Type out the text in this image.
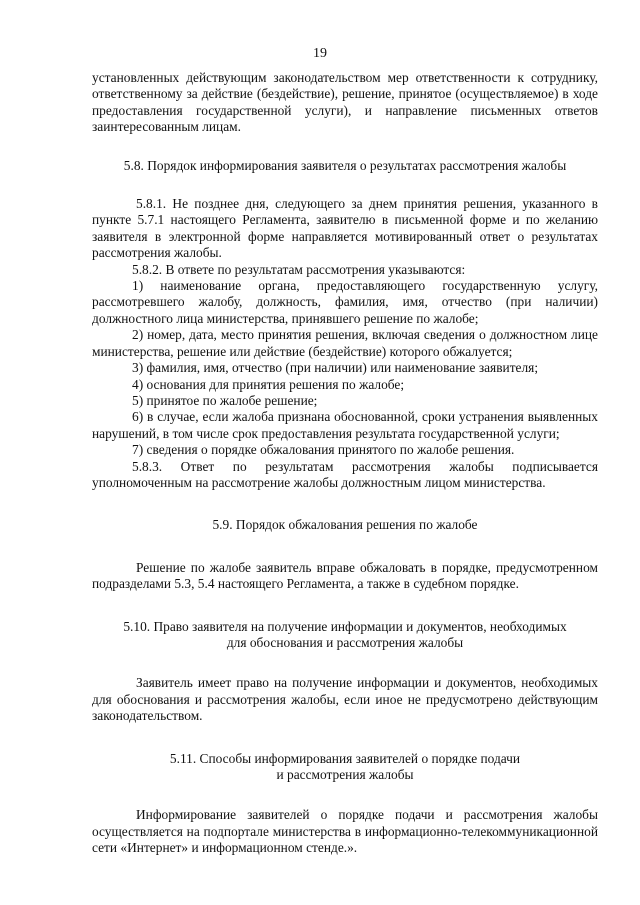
19

установленных действующим законодательством мер ответственности к сотруднику, ответственному за действие (бездействие), решение, принятое (осуществляемое) в ходе предоставления государственной услуги), и направление письменных ответов заинтересованным лицам.

5.8. Порядок информирования заявителя о результатах рассмотрения жалобы

5.8.1. Не позднее дня, следующего за днем принятия решения, указанного в пункте 5.7.1 настоящего Регламента, заявителю в письменной форме и по желанию заявителя в электронной форме направляется мотивированный ответ о результатах рассмотрения жалобы.

5.8.2. В ответе по результатам рассмотрения указываются:

1) наименование органа, предоставляющего государственную услугу, рассмотревшего жалобу, должность, фамилия, имя, отчество (при наличии) должностного лица министерства, принявшего решение по жалобе;

2) номер, дата, место принятия решения, включая сведения о должностном лице министерства, решение или действие (бездействие) которого обжалуется;

3) фамилия, имя, отчество (при наличии) или наименование заявителя;

4) основания для принятия решения по жалобе;

5) принятое по жалобе решение;

6) в случае, если жалоба признана обоснованной, сроки устранения выявленных нарушений, в том числе срок предоставления результата государственной услуги;

7) сведения о порядке обжалования принятого по жалобе решения.

5.8.3. Ответ по результатам рассмотрения жалобы подписывается уполномоченным на рассмотрение жалобы должностным лицом министерства.

5.9. Порядок обжалования решения по жалобе

Решение по жалобе заявитель вправе обжаловать в порядке, предусмотренном подразделами 5.3, 5.4 настоящего Регламента, а также в судебном порядке.

5.10. Право заявителя на получение информации и документов, необходимых

для обоснования и рассмотрения жалобы

Заявитель имеет право на получение информации и документов, необходимых для обоснования и рассмотрения жалобы, если иное не предусмотрено действующим законодательством.

5.11. Способы информирования заявителей о порядке подачи

и рассмотрения жалобы

Информирование заявителей о порядке подачи и рассмотрения жалобы осуществляется на подпортале министерства в информационно-телекоммуникационной сети «Интернет» и информационном стенде.».
